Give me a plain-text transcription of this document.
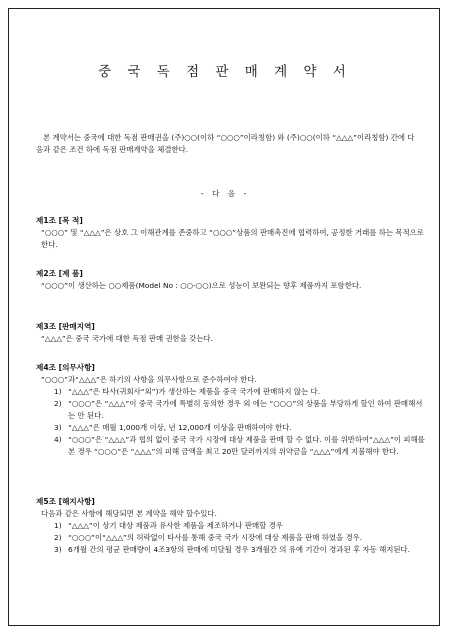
중 국 독 점 판 매 계 약 서
본 계약서는 중국에 대한 독점 판매권을 (주)○○(이하 “○○○”이라칭함) 와 (주)○○(이하 “△△△”이라칭함) 간에 다음과 같은 조건 하에 독점 판매계약을 체결한다.
- 다 음 -
제1조 [목 적]
“○○○” 및 “△△△”은 상호 그 이해관계를 존중하고 “○○○”상품의 판매촉진에 협력하여, 공정한 거래를 하는 목적으로 한다.
제2조 [제 품]
“○○○”이 생산하는 ○○제품(Model No : ○○-○○)으로 성능이 보완되는 향후 제품까지 포함한다.
제3조 [판매지역]
“△△△”은 중국 국가에 대한 독점 판매 권한을 갖는다.
제4조 [의무사항]
“○○○”과“△△△”은 하기의 사항을 의무사항으로 준수하여야 한다.
1) “△△△”은 타사(귀회사“외”)가 생산하는 제품을 중국 국가에 판매하지 않는 다.
2) “○○○”은 “△△△”이 중국 국가에 특별히 동의한 경우 외 에는 “○○○”의 상품을 부당하게 할인 하여 판매해서는 안 된다.
3) “△△△”은 매월 1,000개 이상, 년 12,000개 이상을 판매하여야 한다.
4) “○○○”은 “△△△”과 협의 없이 중국 국가 시장에 대상 제품을 판매 할 수 없다. 이를 위반하여“△△△”이 피해를 본 경우 “○○○”은 “△△△”의 피해 금액을 최고 20만 달러까지의 위약금을 “△△△”에게 지불해야 한다.
제5조 [해지사항]
다음과 같은 사항에 해당되면 본 계약을 해약 할수있다.
1) “△△△”이 상기 대상 제품과 유사한 제품을 제조하거나 판매할 경우
2) “○○○”이“△△△”의 허락없이 타사를 통해 중국 국가 시장에 대상 제품을 판매 하였을 경우.
3) 6개월 간의 평균 판매량이 4조3항의 판매에 미달될 경우 3개월간 의 유예 기간이 경과된 후 자동 해지된다.
